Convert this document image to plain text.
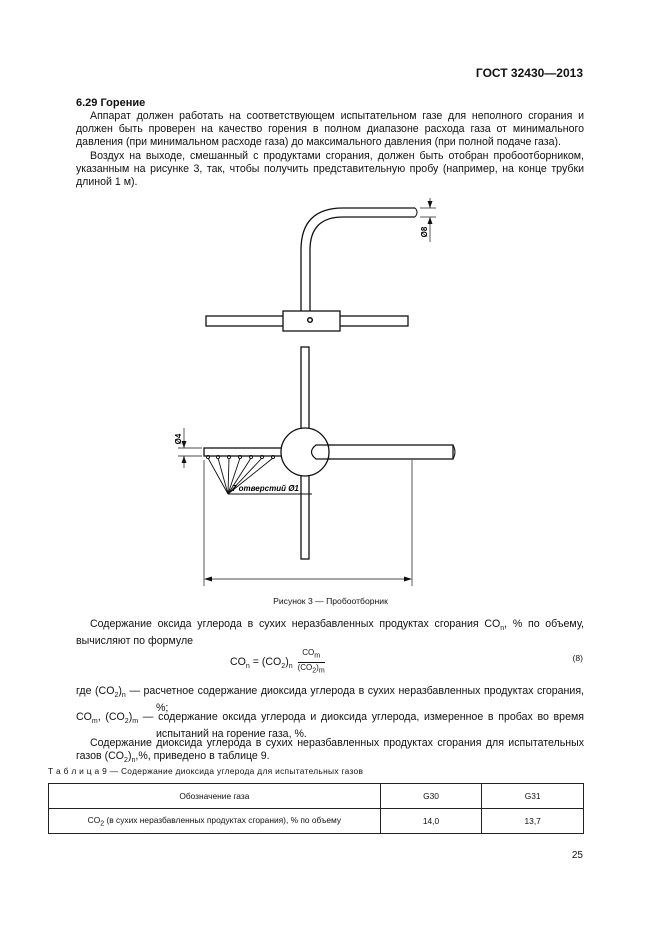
ГОСТ 32430—2013
6.29 Горение
Аппарат должен работать на соответствующем испытательном газе для неполного сгорания и должен быть проверен на качество горения в полном диапазоне расхода газа от минимального давления (при минимальном расходе газа) до максимального давления (при полной подаче газа).
Воздух на выходе, смешанный с продуктами сгорания, должен быть отобран пробоотборником, указанным на рисунке 3, так, чтобы получить представительную пробу (например, на конце трубки длиной 1 м).
Ø8
Ø4
7 отверстий Ø1
Рисунок 3 — Пробоотборник
Содержание оксида углерода в сухих неразбавленных продуктах сгорания $CO_n$, % по объему, вычисляют по формуле
$CO_n = (CO_2)_n \frac{CO_m}{(CO_2)_m}$	(8)
где $(CO_2)_n$ — расчетное содержание диоксида углерода в сухих неразбавленных продуктах сгорания, %;
$CO_m$, $(CO_2)_m$ — содержание оксида углерода и диоксида углерода, измеренное в пробах во время испытаний на горение газа, %.
Содержание диоксида углерода в сухих неразбавленных продуктах сгорания для испытательных газов $(CO_2)_n,\%$, приведено в таблице 9.
Т а б л и ц а 9 — Содержание диоксида углерода для испытательных газов
Обозначение газа	G30	G31
$CO_2$ (в сухих неразбавленных продуктах сгорания), % по объему	14,0	13,7
25
